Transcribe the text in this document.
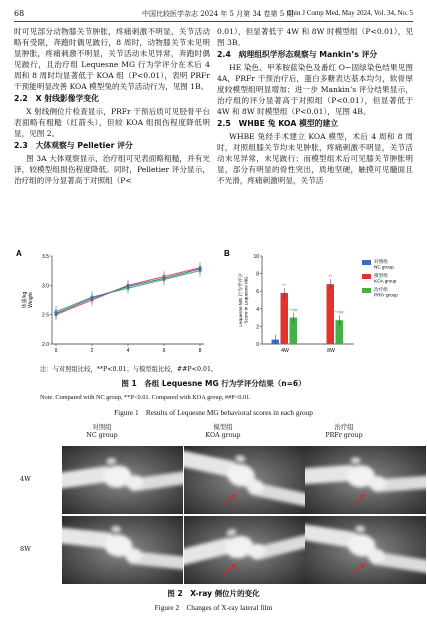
68	中国比较医学杂志 2024 年 5 月第 34 卷第 5 期
Chin J Comp Med, May 2024, Vol. 34, No. 5

时可见部分动物膝关节肿胀，疼痛刺激不明显，关节活动略有受限，奔跑时偶见跛行，8 周时，动物膝关节未见明显肿胀，疼痛刺激不明显，关节活动未见异常，奔跑时偶见跛行，且治疗组 Lequesne MG 行为学评分在术后 4 周和 8 周时均显著低于 KOA 组（P<0.01），表明 PRFr 干预能明显改善 KOA 模型兔的关节活动行为，见图 1B。

2.2　X 射线影像学变化

X 射线侧位片检查显示，PRFr 干预后质可见胫骨平台表面略有粗糙（红箭头），但较 KOA 组损伤程度降低明显，见图 2。

2.3　大体观察与 Pelletier 评分

图 3A 大体观察显示，治疗组可见表面略粗糙，并有光泽，较模型组损伤程度降低。同时，Pelletier 评分显示，治疗组的评分显著高于对照组（P<

0.01），但显著低于 4W 和 8W 时模型组（P<0.01），见图 3B。

2.4　病理组织学形态观察与 Mankin’s 评分

HE 染色、甲苯胺蓝染色及番红 O−固绿染色结果见图 4A，PRFr 干预治疗后，蛋白多糖表达基本均匀，软骨厚度较模型组明显增加；进一步 Mankin’s 评分结果显示，治疗组的评分显著高于对照组（P<0.01），但显著低于 4W 和 8W 时模型组（P<0.01），见图 4B。

2.5　WHBE 兔 KOA 模型的建立

WHBE 兔经手术建立 KOA 模型，术后 4 周和 8 周时，对照组膝关节均未见肿胀，疼痛刺激不明显，关节活动未见异常，未见跛行；而模型组术后可见膝关节肿胀明显，部分有明显的骨性突出，质地坚硬，触摸可见髓面且不光滑，疼痛刺激明显，关节活

A	B
2.0
2.5
3.0
3.5
0	2	4	6	8
体重/kgWeight
0
2
4
6
8
10
Lequesne MG 行为学评分Score in Lequesne MG	**
**##
4W
**
**##
8W
对照组 NC group
模型组 KOA group
治疗组 PRFr group
注：与对照组比较，**P<0.01；与模型组比较，##P<0.01。
图 1　各组 Lequesne MG 行为学评分结果（n=6）
Note. Compared with NC group, **P<0.01. Compared with KOA group, ##P<0.01.
Figure 1　Results of Lequesne MG behavioral scores in each group
对照组
NC group
模型组
KOA group
治疗组
PRFr group
4W
8W
图 2　X-ray 侧位片的变化
Figure 2　Changes of X-ray lateral film
